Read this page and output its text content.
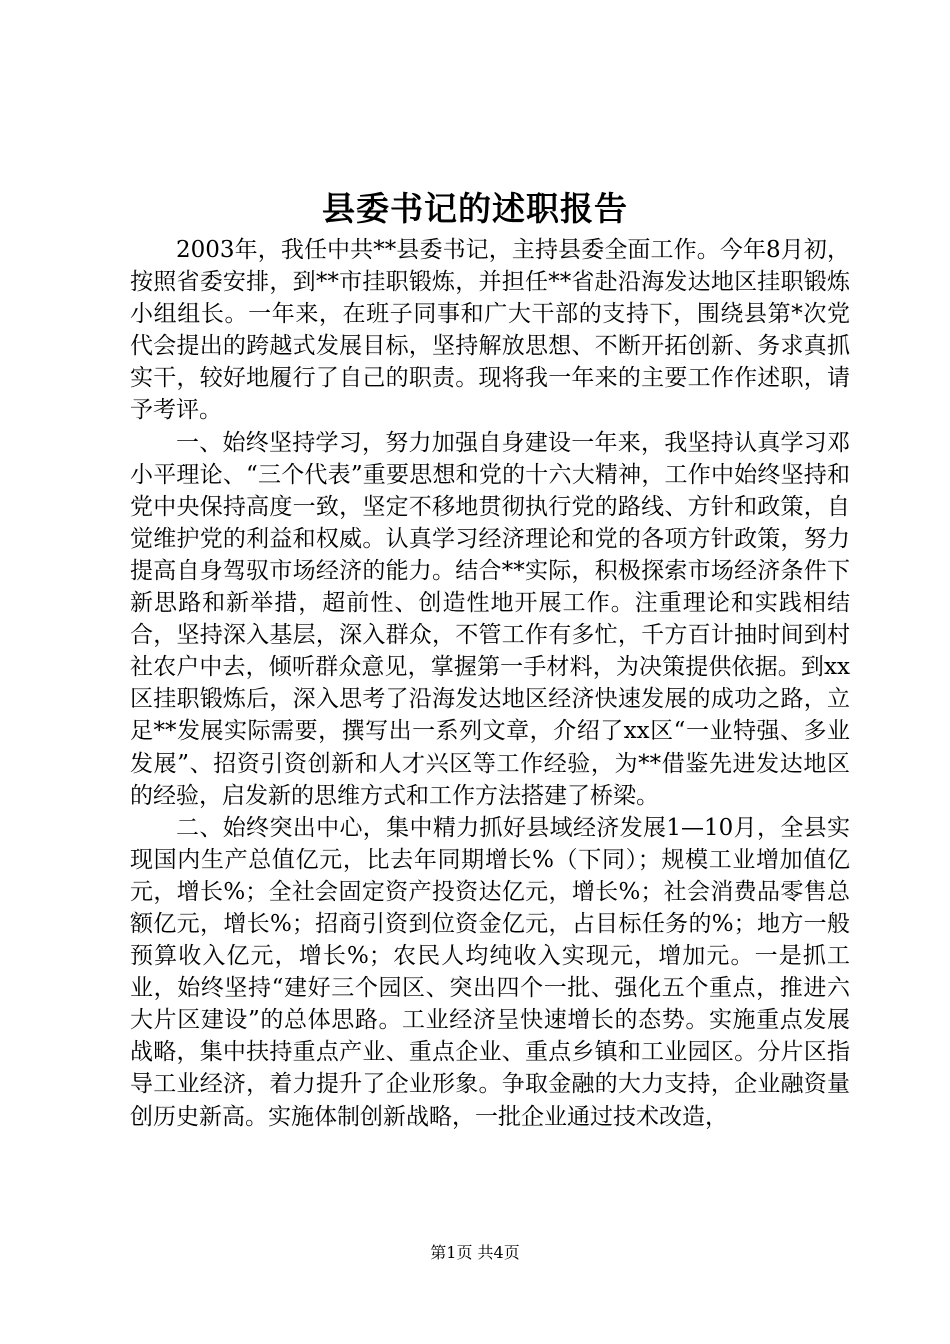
县委书记的述职报告

2003年，我任中共**县委书记，主持县委全面工作。今年8月初，按照省委安排，到**市挂职锻炼，并担任**省赴沿海发达地区挂职锻炼小组组长。一年来，在班子同事和广大干部的支持下，围绕县第*次党代会提出的跨越式发展目标，坚持解放思想、不断开拓创新、务求真抓实干，较好地履行了自己的职责。现将我一年来的主要工作作述职，请予考评。

一、始终坚持学习，努力加强自身建设一年来，我坚持认真学习邓小平理论、“三个代表”重要思想和党的十六大精神，工作中始终坚持和党中央保持高度一致，坚定不移地贯彻执行党的路线、方针和政策，自觉维护党的利益和权威。认真学习经济理论和党的各项方针政策，努力提高自身驾驭市场经济的能力。结合**实际，积极探索市场经济条件下新思路和新举措，超前性、创造性地开展工作。注重理论和实践相结合，坚持深入基层，深入群众，不管工作有多忙，千方百计抽时间到村社农户中去，倾听群众意见，掌握第一手材料，为决策提供依据。到xx区挂职锻炼后，深入思考了沿海发达地区经济快速发展的成功之路，立足**发展实际需要，撰写出一系列文章，介绍了xx区“一业特强、多业发展”、招资引资创新和人才兴区等工作经验，为**借鉴先进发达地区的经验，启发新的思维方式和工作方法搭建了桥梁。

二、始终突出中心，集中精力抓好县域经济发展1—10月，全县实现国内生产总值亿元，比去年同期增长%（下同）；规模工业增加值亿元，增长%；全社会固定资产投资达亿元，增长%；社会消费品零售总额亿元，增长%；招商引资到位资金亿元，占目标任务的%；地方一般预算收入亿元，增长%；农民人均纯收入实现元，增加元。一是抓工业，始终坚持“建好三个园区、突出四个一批、强化五个重点，推进六大片区建设”的总体思路。工业经济呈快速增长的态势。实施重点发展战略，集中扶持重点产业、重点企业、重点乡镇和工业园区。分片区指导工业经济，着力提升了企业形象。争取金融的大力支持，企业融资量创历史新高。实施体制创新战略，一批企业通过技术改造，

第1页 共4页
